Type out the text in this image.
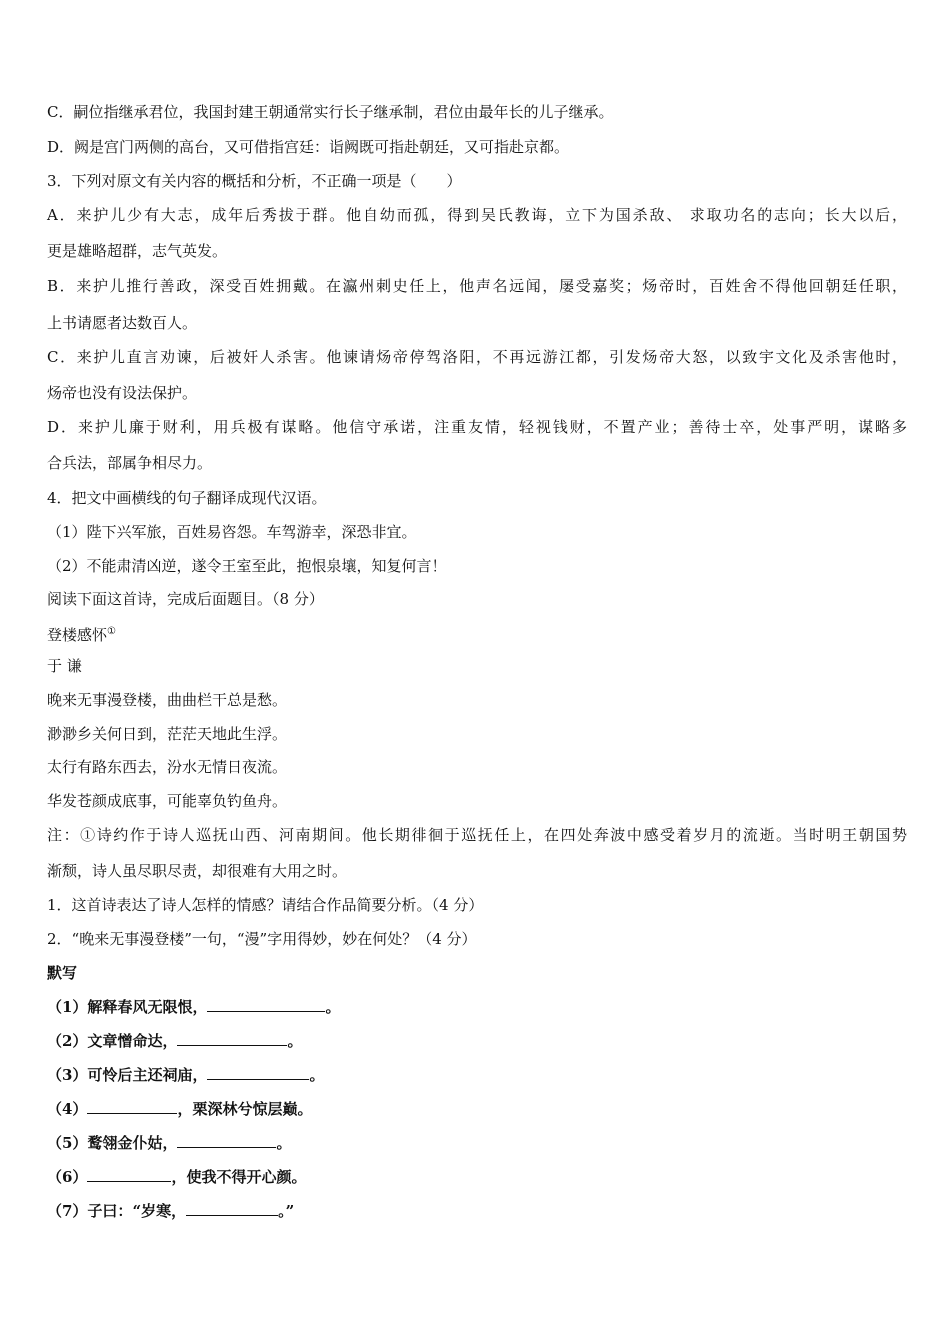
C．嗣位指继承君位，我国封建王朝通常实行长子继承制，君位由最年长的儿子继承。
D．阙是宫门两侧的高台，又可借指宫廷：诣阙既可指赴朝廷，又可指赴京都。
3．下列对原文有关内容的概括和分析，不正确一项是（　　）
A．来护儿少有大志，成年后秀拔于群。他自幼而孤，得到吴氏教诲，立下为国杀敌、 求取功名的志向；长大以后，
更是雄略超群，志气英发。
B．来护儿推行善政，深受百姓拥戴。在瀛州刺史任上，他声名远闻，屡受嘉奖；炀帝时，百姓舍不得他回朝廷任职，
上书请愿者达数百人。
C．来护儿直言劝谏，后被奸人杀害。他谏请炀帝停驾洛阳，不再远游江都，引发炀帝大怒，以致宇文化及杀害他时，
炀帝也没有设法保护。
D．来护儿廉于财利，用兵极有谋略。他信守承诺，注重友情，轻视钱财，不置产业；善待士卒，处事严明，谋略多
合兵法，部属争相尽力。
4．把文中画横线的句子翻译成现代汉语。
（1）陛下兴军旅，百姓易咨怨。车驾游幸，深恐非宜。
（2）不能肃清凶逆，遂令王室至此，抱恨泉壤，知复何言！
阅读下面这首诗，完成后面题目。（8 分）
登楼感怀①
于 谦
晚来无事漫登楼，曲曲栏干总是愁。
渺渺乡关何日到，茫茫天地此生浮。
太行有路东西去，汾水无情日夜流。
华发苍颜成底事，可能辜负钓鱼舟。
注：①诗约作于诗人巡抚山西、河南期间。他长期徘徊于巡抚任上，在四处奔波中感受着岁月的流逝。当时明王朝国势
渐颓，诗人虽尽职尽责，却很难有大用之时。
1．这首诗表达了诗人怎样的情感？请结合作品简要分析。（4 分）
2．“晚来无事漫登楼”一句，“漫”字用得妙，妙在何处？（4 分）
默写
（1）解释春风无限恨，	。
（2）文章憎命达，	。
（3）可怜后主还祠庙，	。
（4）	，栗深林兮惊层巅。
（5）鹜翎金仆姑，	。
（6）	，使我不得开心颜。
（7）子曰：“岁寒，	。”
